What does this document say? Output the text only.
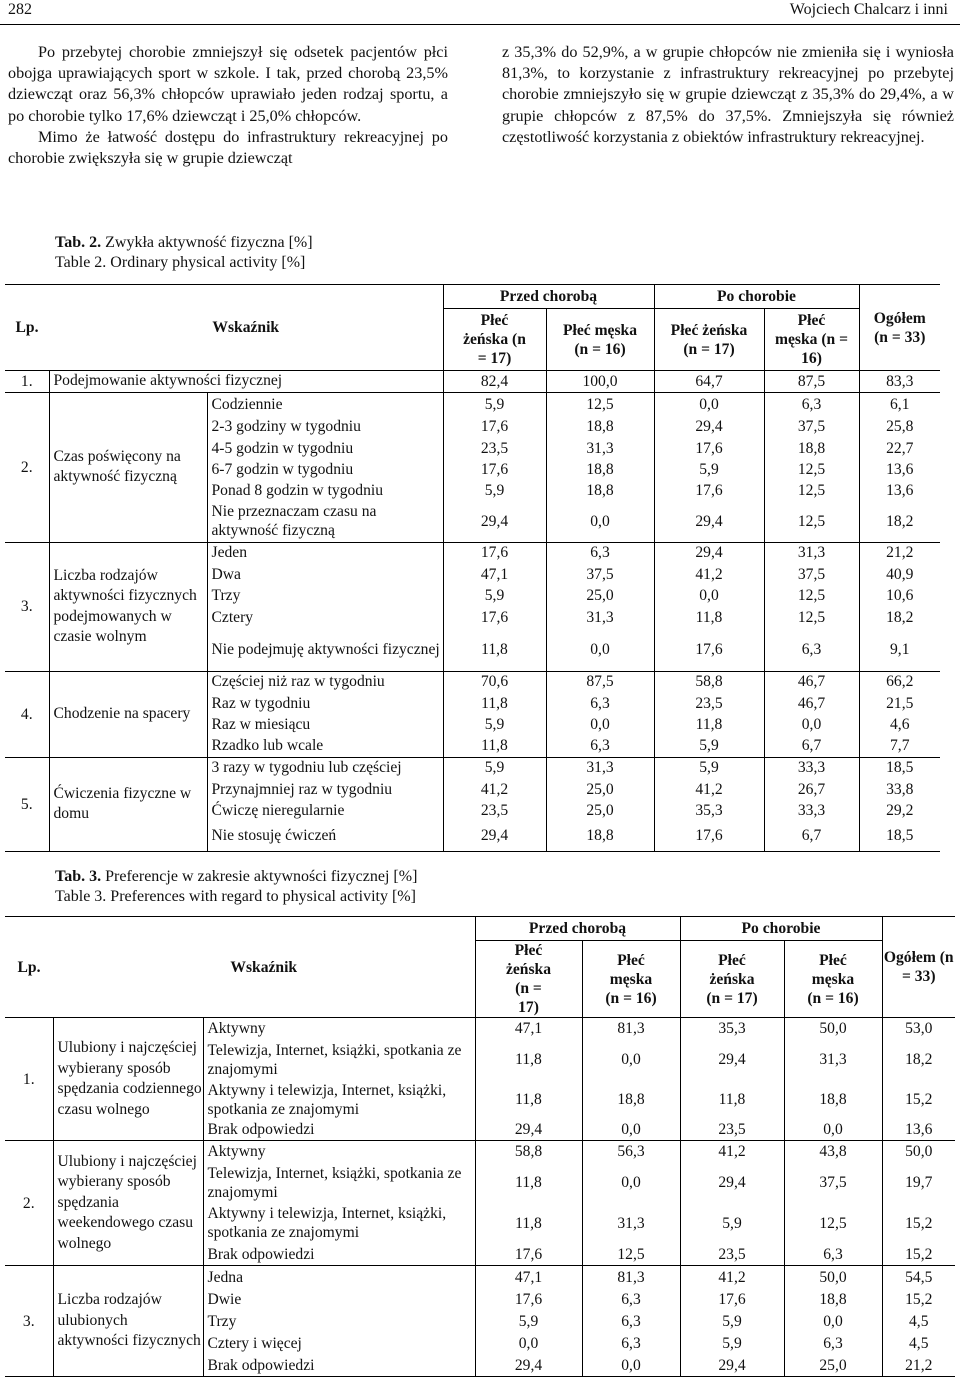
282	Wojciech Chalcarz i inni

Po przebytej chorobie zmniejszył się odsetek pacjentów płci obojga uprawiających sport w szkole. I tak, przed chorobą 23,5% dziewcząt oraz 56,3% chłopców uprawiało jeden rodzaj sportu, a po chorobie tylko 17,6% dziewcząt i 25,0% chłopców.

Mimo że łatwość dostępu do infrastruktury rekreacyjnej po chorobie zwiększyła się w grupie dziewcząt

z 35,3% do 52,9%, a w grupie chłopców nie zmieniła się i wyniosła 81,3%, to korzystanie z infrastruktury rekreacyjnej po przebytej chorobie zmniejszyło się w grupie dziewcząt z 35,3% do 29,4%, a w grupie chłopców z 87,5% do 37,5%. Zmniejszyła się również częstotliwość korzystania z obiektów infrastruktury rekreacyjnej.

Tab. 2. Zwykła aktywność fizyczna [%]
Table 2. Ordinary physical activity [%]
Lp.	Wskaźnik		Przed chorobą		Po chorobie		Ogółem (n = 33)
			Płeć żeńska (n = 17)	Płeć męska (n = 16)	Płeć żeńska (n = 17)	Płeć męska (n = 16)	
1.	Podejmowanie aktywności fizycznej		82,4	100,0	64,7	87,5	83,3
2.	Czas poświęcony na aktywność fizyczną	Codziennie	5,9	12,5	0,0	6,3	6,1
		2-3 godziny w tygodniu	17,6	18,8	29,4	37,5	25,8
		4-5 godzin w tygodniu	23,5	31,3	17,6	18,8	22,7
		6-7 godzin w tygodniu	17,6	18,8	5,9	12,5	13,6
		Ponad 8 godzin w tygodniu	5,9	18,8	17,6	12,5	13,6
		Nie przeznaczam czasu na aktywność fizyczną	29,4	0,0	29,4	12,5	18,2
3.	Liczba rodzajów aktywności fizycznych podejmowanych w czasie wolnym	Jeden	17,6	6,3	29,4	31,3	21,2
		Dwa	47,1	37,5	41,2	37,5	40,9
		Trzy	5,9	25,0	0,0	12,5	10,6
		Cztery	17,6	31,3	11,8	12,5	18,2
		Nie podejmuję aktywności fizycznej	11,8	0,0	17,6	6,3	9,1
4.	Chodzenie na spacery	Częściej niż raz w tygodniu	70,6	87,5	58,8	46,7	66,2
		Raz w tygodniu	11,8	6,3	23,5	46,7	21,5
		Raz w miesiącu	5,9	0,0	11,8	0,0	4,6
		Rzadko lub wcale	11,8	6,3	5,9	6,7	7,7
5.	Ćwiczenia fizyczne w domu	3 razy w tygodniu lub częściej	5,9	31,3	5,9	33,3	18,5
		Przynajmniej raz w tygodniu	41,2	25,0	41,2	26,7	33,8
		Ćwiczę nieregularnie	23,5	25,0	35,3	33,3	29,2
		Nie stosuję ćwiczeń	29,4	18,8	17,6	6,7	18,5
Tab. 3. Preferencje w zakresie aktywności fizycznej [%]
Table 3. Preferences with regard to physical activity [%]
Lp.	Wskaźnik		Przed chorobą		Po chorobie		Ogółem (n = 33)
			Płeć żeńska (n = 17)	Płeć męska (n = 16)	Płeć żeńska (n = 17)	Płeć męska (n = 16)	
1.	Ulubiony i najczęściej wybierany sposób spędzania codziennego czasu wolnego	Aktywny	47,1	81,3	35,3	50,0	53,0
		Telewizja, Internet, książki, spotkania ze znajomymi	11,8	0,0	29,4	31,3	18,2
		Aktywny i telewizja, Internet, książki, spotkania ze znajomymi	11,8	18,8	11,8	18,8	15,2
		Brak odpowiedzi	29,4	0,0	23,5	0,0	13,6
2.	Ulubiony i najczęściej wybierany sposób spędzania weekendowego czasu wolnego	Aktywny	58,8	56,3	41,2	43,8	50,0
		Telewizja, Internet, książki, spotkania ze znajomymi	11,8	0,0	29,4	37,5	19,7
		Aktywny i telewizja, Internet, książki, spotkania ze znajomymi	11,8	31,3	5,9	12,5	15,2
		Brak odpowiedzi	17,6	12,5	23,5	6,3	15,2
3.	Liczba rodzajów ulubionych aktywności fizycznych	Jedna	47,1	81,3	41,2	50,0	54,5
		Dwie	17,6	6,3	17,6	18,8	15,2
		Trzy	5,9	6,3	5,9	0,0	4,5
		Cztery i więcej	0,0	6,3	5,9	6,3	4,5
		Brak odpowiedzi	29,4	0,0	29,4	25,0	21,2
